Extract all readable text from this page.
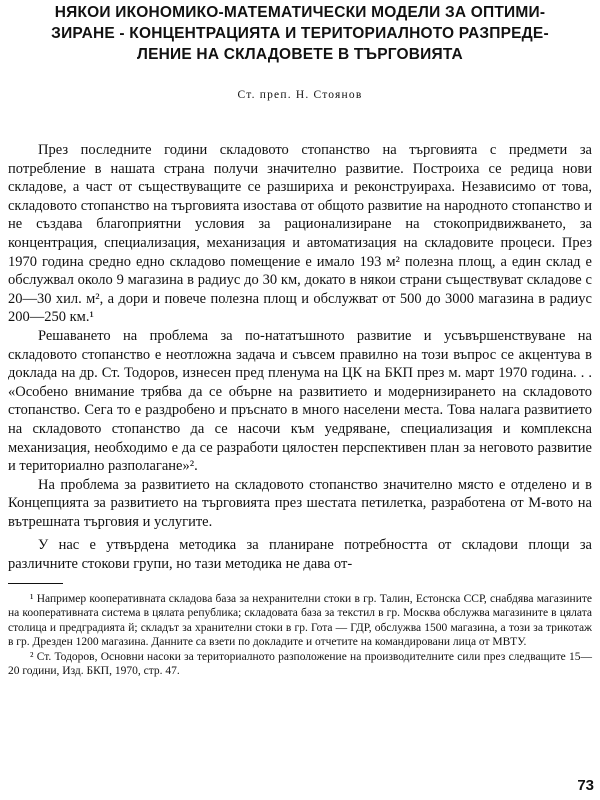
НЯКОИ ИКОНОМИКО-МАТЕМАТИЧЕСКИ МОДЕЛИ ЗА ОПТИМИ-
ЗИРАНЕ - КОНЦЕНТРАЦИЯТА И ТЕРИТОРИАЛНОТО РАЗПРЕДЕ-
ЛЕНИЕ НА СКЛАДОВЕТЕ В ТЪРГОВИЯТА
Ст. преп. Н. Стоянов

През последните години складовото стопанство на търговията с предмети за потребление в нашата страна получи значително развитие. Построиха се редица нови складове, а част от съществуващите се разшириха и реконструираха. Независимо от това, складовото стопанство на търговията изостава от общото развитие на народното стопанство и не създава благоприятни условия за рационализиране на стокопридвижването, за концентрация, специализация, механизация и автоматизация на складовите процеси. През 1970 година средно едно складово помещение е имало 193 м² полезна площ, а един склад е обслужвал около 9 магазина в радиус до 30 км, докато в някои страни съществуват складове с 20—30 хил. м², а дори и повече полезна площ и обслужват от 500 до 3000 магазина в радиус 200—250 км.¹

Решаването на проблема за по-нататъшното развитие и усъвършенствуване на складовото стопанство е неотложна задача и съвсем правилно на този въпрос се акцентува в доклада на др. Ст. Тодоров, изнесен пред пленума на ЦК на БКП през м. март 1970 година. . . «Особено внимание трябва да се обърне на развитието и модернизирането на складовото стопанство. Сега то е раздробено и пръснато в много населени места. Това налага развитието на складовото стопанство да се насочи към уедряване, специализация и комплексна механизация, необходимо е да се разработи цялостен перспективен план за неговото развитие и териториално разполагане»².

На проблема за развитието на складовото стопанство значително място е отделено и в Концепцията за развитието на търговията през шестата петилетка, разработена от М-вото на вътрешната търговия и услугите.

У нас е утвърдена методика за планиране потребността от складови площи за различните стокови групи, но тази методика не дава от-

¹ Например кооперативната складова база за нехранителни стоки в гр. Талин, Естонска ССР, снабдява магазините на кооперативната система в цялата република; складовата база за текстил в гр. Москва обслужва магазините в цялата столица и предградията й; складът за хранителни стоки в гр. Гота — ГДР, обслужва 1500 магазина, а този за трикотаж в гр. Дрезден 1200 магазина. Данните са взети по докладите и отчетите на командировани лица от МВТУ.

² Ст. Тодоров, Основни насоки за териториалното разположение на производителните сили през следващите 15—20 години, Изд. БКП, 1970, стр. 47.

73
